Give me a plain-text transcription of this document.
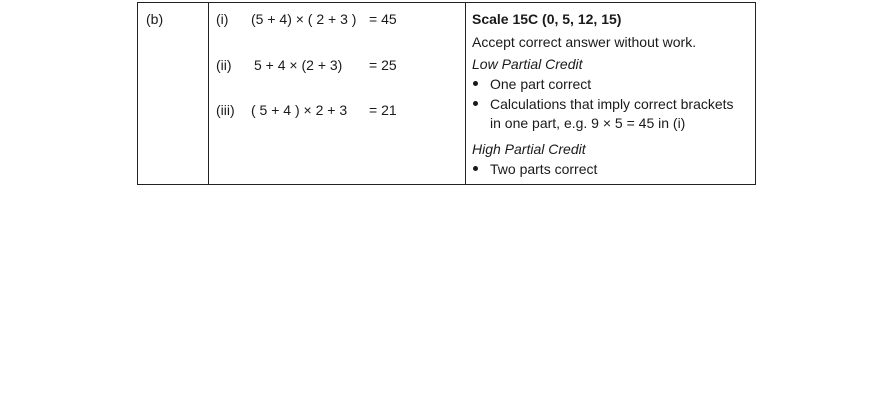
(b)	(i) (5 + 4) × ( 2 + 3 ) = 45
(ii) 5 + 4 × (2 + 3) = 25
(iii) ( 5 + 4 ) × 2 + 3 = 21
Scale 15C (0, 5, 12, 15)
Accept correct answer without work.
Low Partial Credit
One part correct
Calculations that imply correct brackets
in one part, e.g. 9 × 5 = 45 in (i)
High Partial Credit
Two parts correct
